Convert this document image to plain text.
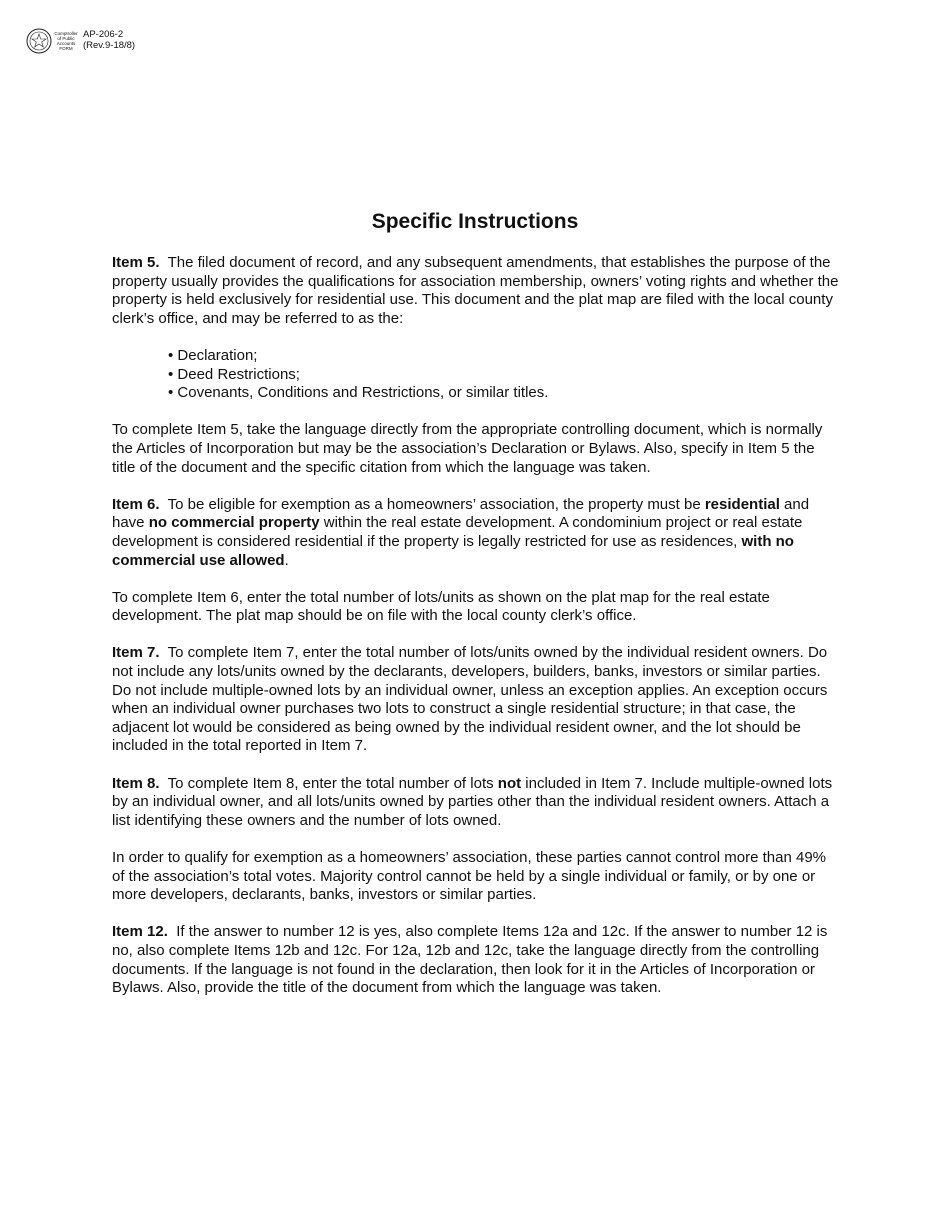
Comptroller
of Public
Accounts
FORM
AP-206-2
(Rev.9-18/8)
Specific Instructions

Item 5. The filed document of record, and any subsequent amendments, that establishes the purpose of the property usually provides the qualifications for association membership, owners’ voting rights and whether the property is held exclusively for residential use. This document and the plat map are filed with the local county clerk’s office, and may be referred to as the:

• Declaration;
• Deed Restrictions;
• Covenants, Conditions and Restrictions, or similar titles.

To complete Item 5, take the language directly from the appropriate controlling document, which is normally the Articles of Incorporation but may be the association’s Declaration or Bylaws. Also, specify in Item 5 the title of the document and the specific citation from which the language was taken.

Item 6. To be eligible for exemption as a homeowners’ association, the property must be residential and have no commercial property within the real estate development. A condominium project or real estate development is considered residential if the property is legally restricted for use as residences, with no commercial use allowed.

To complete Item 6, enter the total number of lots/units as shown on the plat map for the real estate development. The plat map should be on file with the local county clerk’s office.

Item 7. To complete Item 7, enter the total number of lots/units owned by the individual resident owners. Do not include any lots/units owned by the declarants, developers, builders, banks, investors or similar parties. Do not include multiple-owned lots by an individual owner, unless an exception applies. An exception occurs when an individual owner purchases two lots to construct a single residential structure; in that case, the adjacent lot would be considered as being owned by the individual resident owner, and the lot should be included in the total reported in Item 7.

Item 8. To complete Item 8, enter the total number of lots not included in Item 7. Include multiple-owned lots by an individual owner, and all lots/units owned by parties other than the individual resident owners. Attach a list identifying these owners and the number of lots owned.

In order to qualify for exemption as a homeowners’ association, these parties cannot control more than 49% of the association’s total votes. Majority control cannot be held by a single individual or family, or by one or more developers, declarants, banks, investors or similar parties.

Item 12. If the answer to number 12 is yes, also complete Items 12a and 12c. If the answer to number 12 is no, also complete Items 12b and 12c. For 12a, 12b and 12c, take the language directly from the controlling documents. If the language is not found in the declaration, then look for it in the Articles of Incorporation or Bylaws. Also, provide the title of the document from which the language was taken.
